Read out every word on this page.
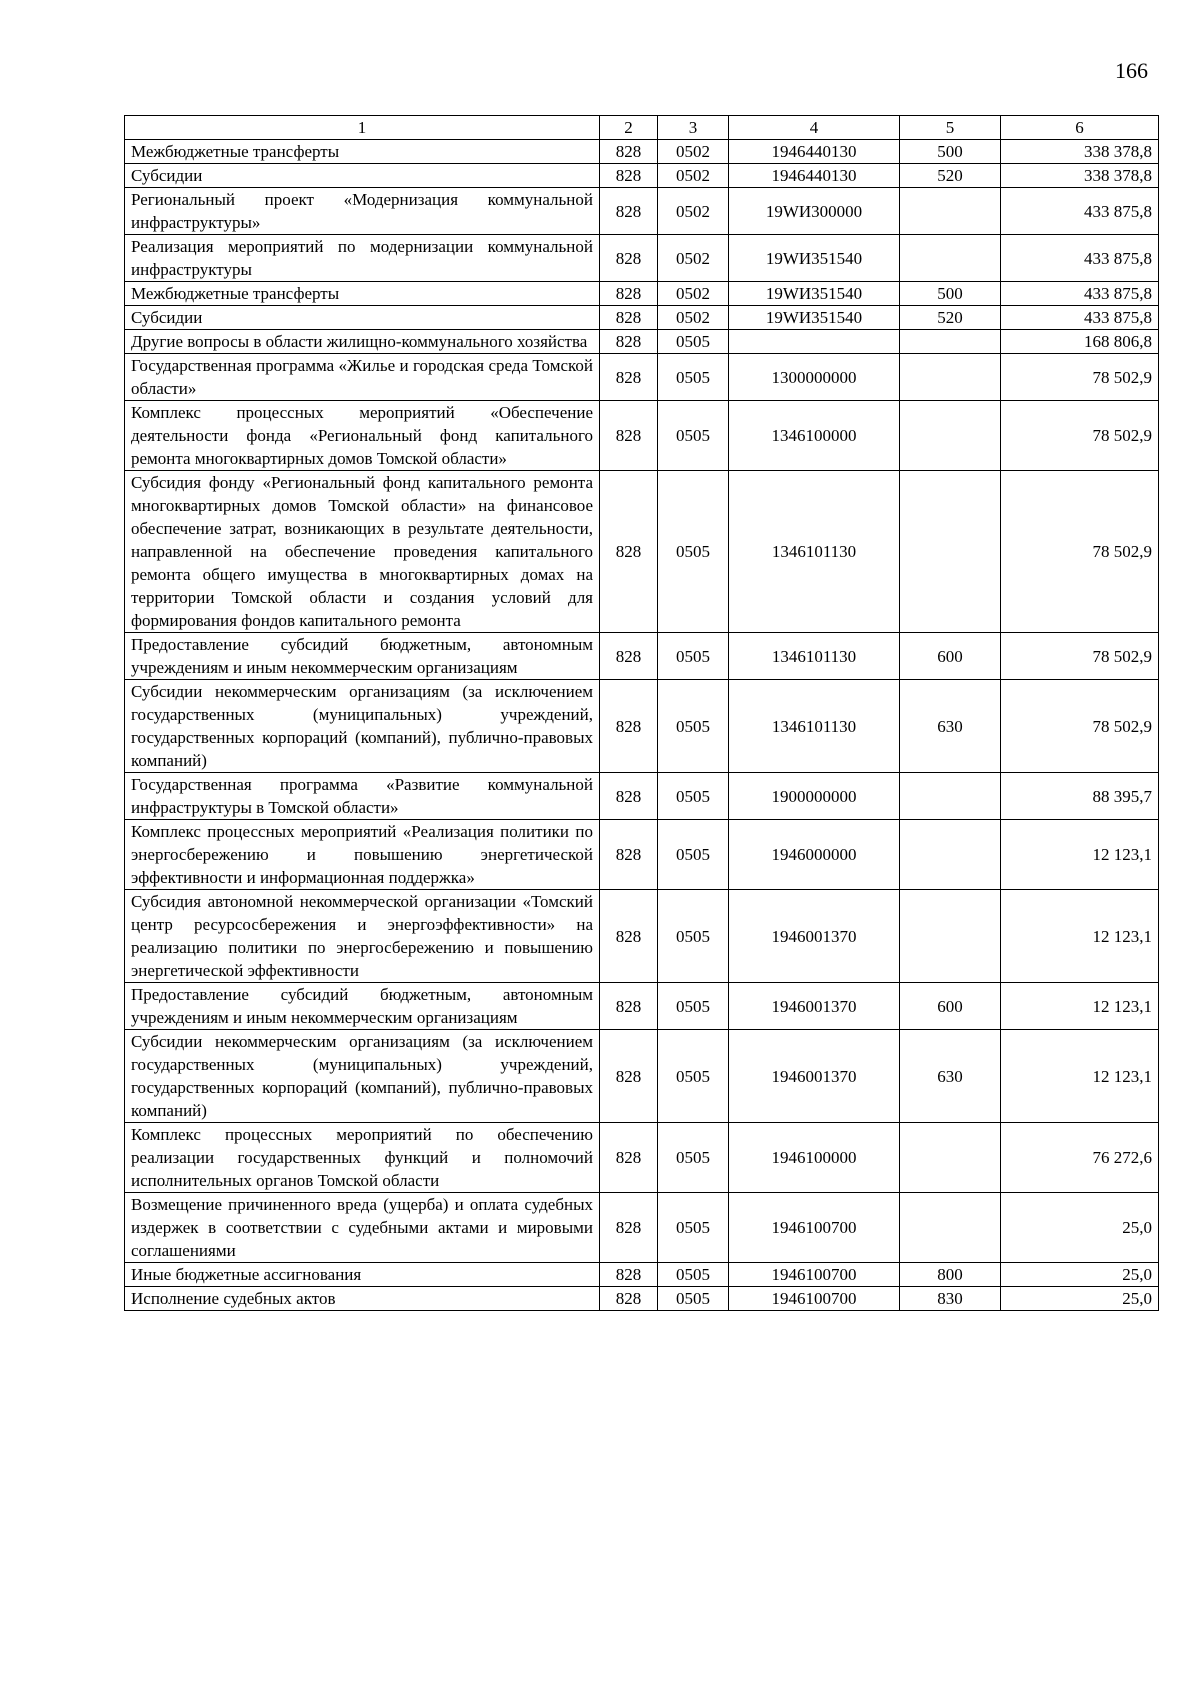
166
1	2	3	4	5	6
Межбюджетные трансферты	828	0502	1946440130	500	338 378,8
Субсидии	828	0502	1946440130	520	338 378,8
Региональный проект «Модернизация коммунальной инфраструктуры»	828	0502	19WИ300000		433 875,8
Реализация мероприятий по модернизации коммунальной инфраструктуры	828	0502	19WИ351540		433 875,8
Межбюджетные трансферты	828	0502	19WИ351540	500	433 875,8
Субсидии	828	0502	19WИ351540	520	433 875,8
Другие вопросы в области жилищно-коммунального хозяйства	828	0505			168 806,8
Государственная программа «Жилье и городская среда Томской области»	828	0505	1300000000		78 502,9
Комплекс процессных мероприятий «Обеспечение деятельности фонда «Региональный фонд капитального ремонта многоквартирных домов Томской области»	828	0505	1346100000		78 502,9
Субсидия фонду «Региональный фонд капитального ремонта многоквартирных домов Томской области» на финансовое обеспечение затрат, возникающих в результате деятельности, направленной на обеспечение проведения капитального ремонта общего имущества в многоквартирных домах на территории Томской области и создания условий для формирования фондов капитального ремонта	828	0505	1346101130		78 502,9
Предоставление субсидий бюджетным, автономным учреждениям и иным некоммерческим организациям	828	0505	1346101130	600	78 502,9
Субсидии некоммерческим организациям (за исключением государственных (муниципальных) учреждений, государственных корпораций (компаний), публично-правовых компаний)	828	0505	1346101130	630	78 502,9
Государственная программа «Развитие коммунальной инфраструктуры в Томской области»	828	0505	1900000000		88 395,7
Комплекс процессных мероприятий «Реализация политики по энергосбережению и повышению энергетической эффективности и информационная поддержка»	828	0505	1946000000		12 123,1
Субсидия автономной некоммерческой организации «Томский центр ресурсосбережения и энергоэффективности» на реализацию политики по энергосбережению и повышению энергетической эффективности	828	0505	1946001370		12 123,1
Предоставление субсидий бюджетным, автономным учреждениям и иным некоммерческим организациям	828	0505	1946001370	600	12 123,1
Субсидии некоммерческим организациям (за исключением государственных (муниципальных) учреждений, государственных корпораций (компаний), публично-правовых компаний)	828	0505	1946001370	630	12 123,1
Комплекс процессных мероприятий по обеспечению реализации государственных функций и полномочий исполнительных органов Томской области	828	0505	1946100000		76 272,6
Возмещение причиненного вреда (ущерба) и оплата судебных издержек в соответствии с судебными актами и мировыми соглашениями	828	0505	1946100700		25,0
Иные бюджетные ассигнования	828	0505	1946100700	800	25,0
Исполнение судебных актов	828	0505	1946100700	830	25,0
